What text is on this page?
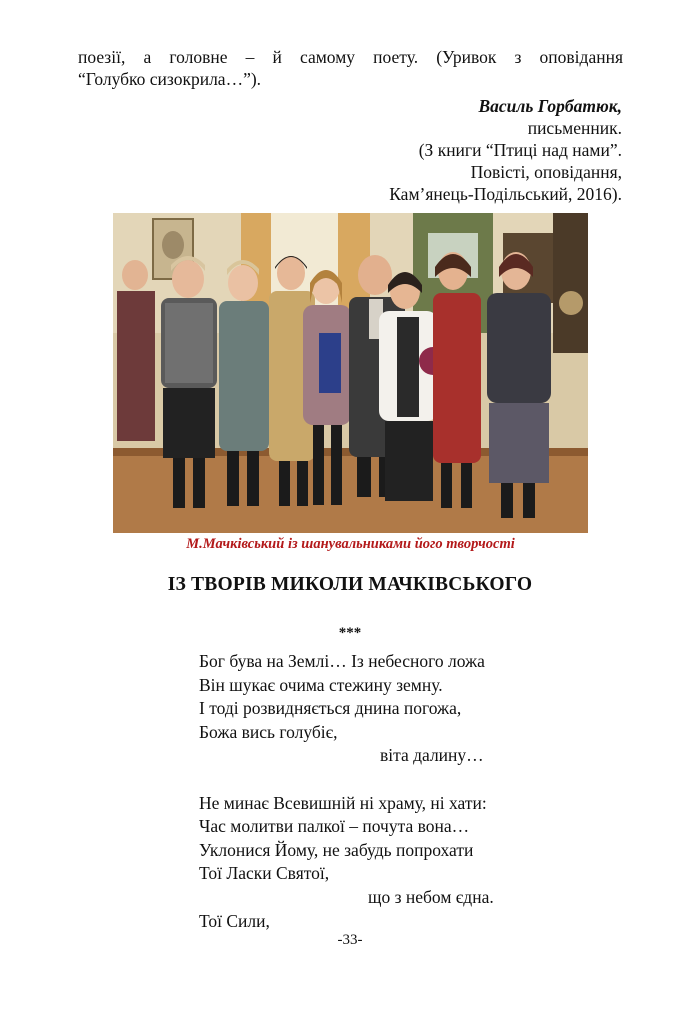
поезії, а головне – й самому поету. (Уривок з оповідання
“Голубко сизокрила…”).
Василь Горбатюк,
письменник.
(З книги “Птиці над нами”.
Повісті, оповідання,
Кам’янець-Подільський, 2016).
М.Мачківський із шанувальниками його творчості
ІЗ ТВОРІВ МИКОЛИ МАЧКІВСЬКОГО
***
Бог бува на Землі… Із небесного ложа
Він шукає очима стежину земну.
І тоді розвидняється днина погожа,
Божа вись голубіє,
віта далину…
Не минає Всевишній ні храму, ні хати:
Час молитви палкої – почута вона…
Уклонися Йому, не забудь попрохати
Тої Ласки Святої,
що з небом єдна.
Тої Сили,
-33-
